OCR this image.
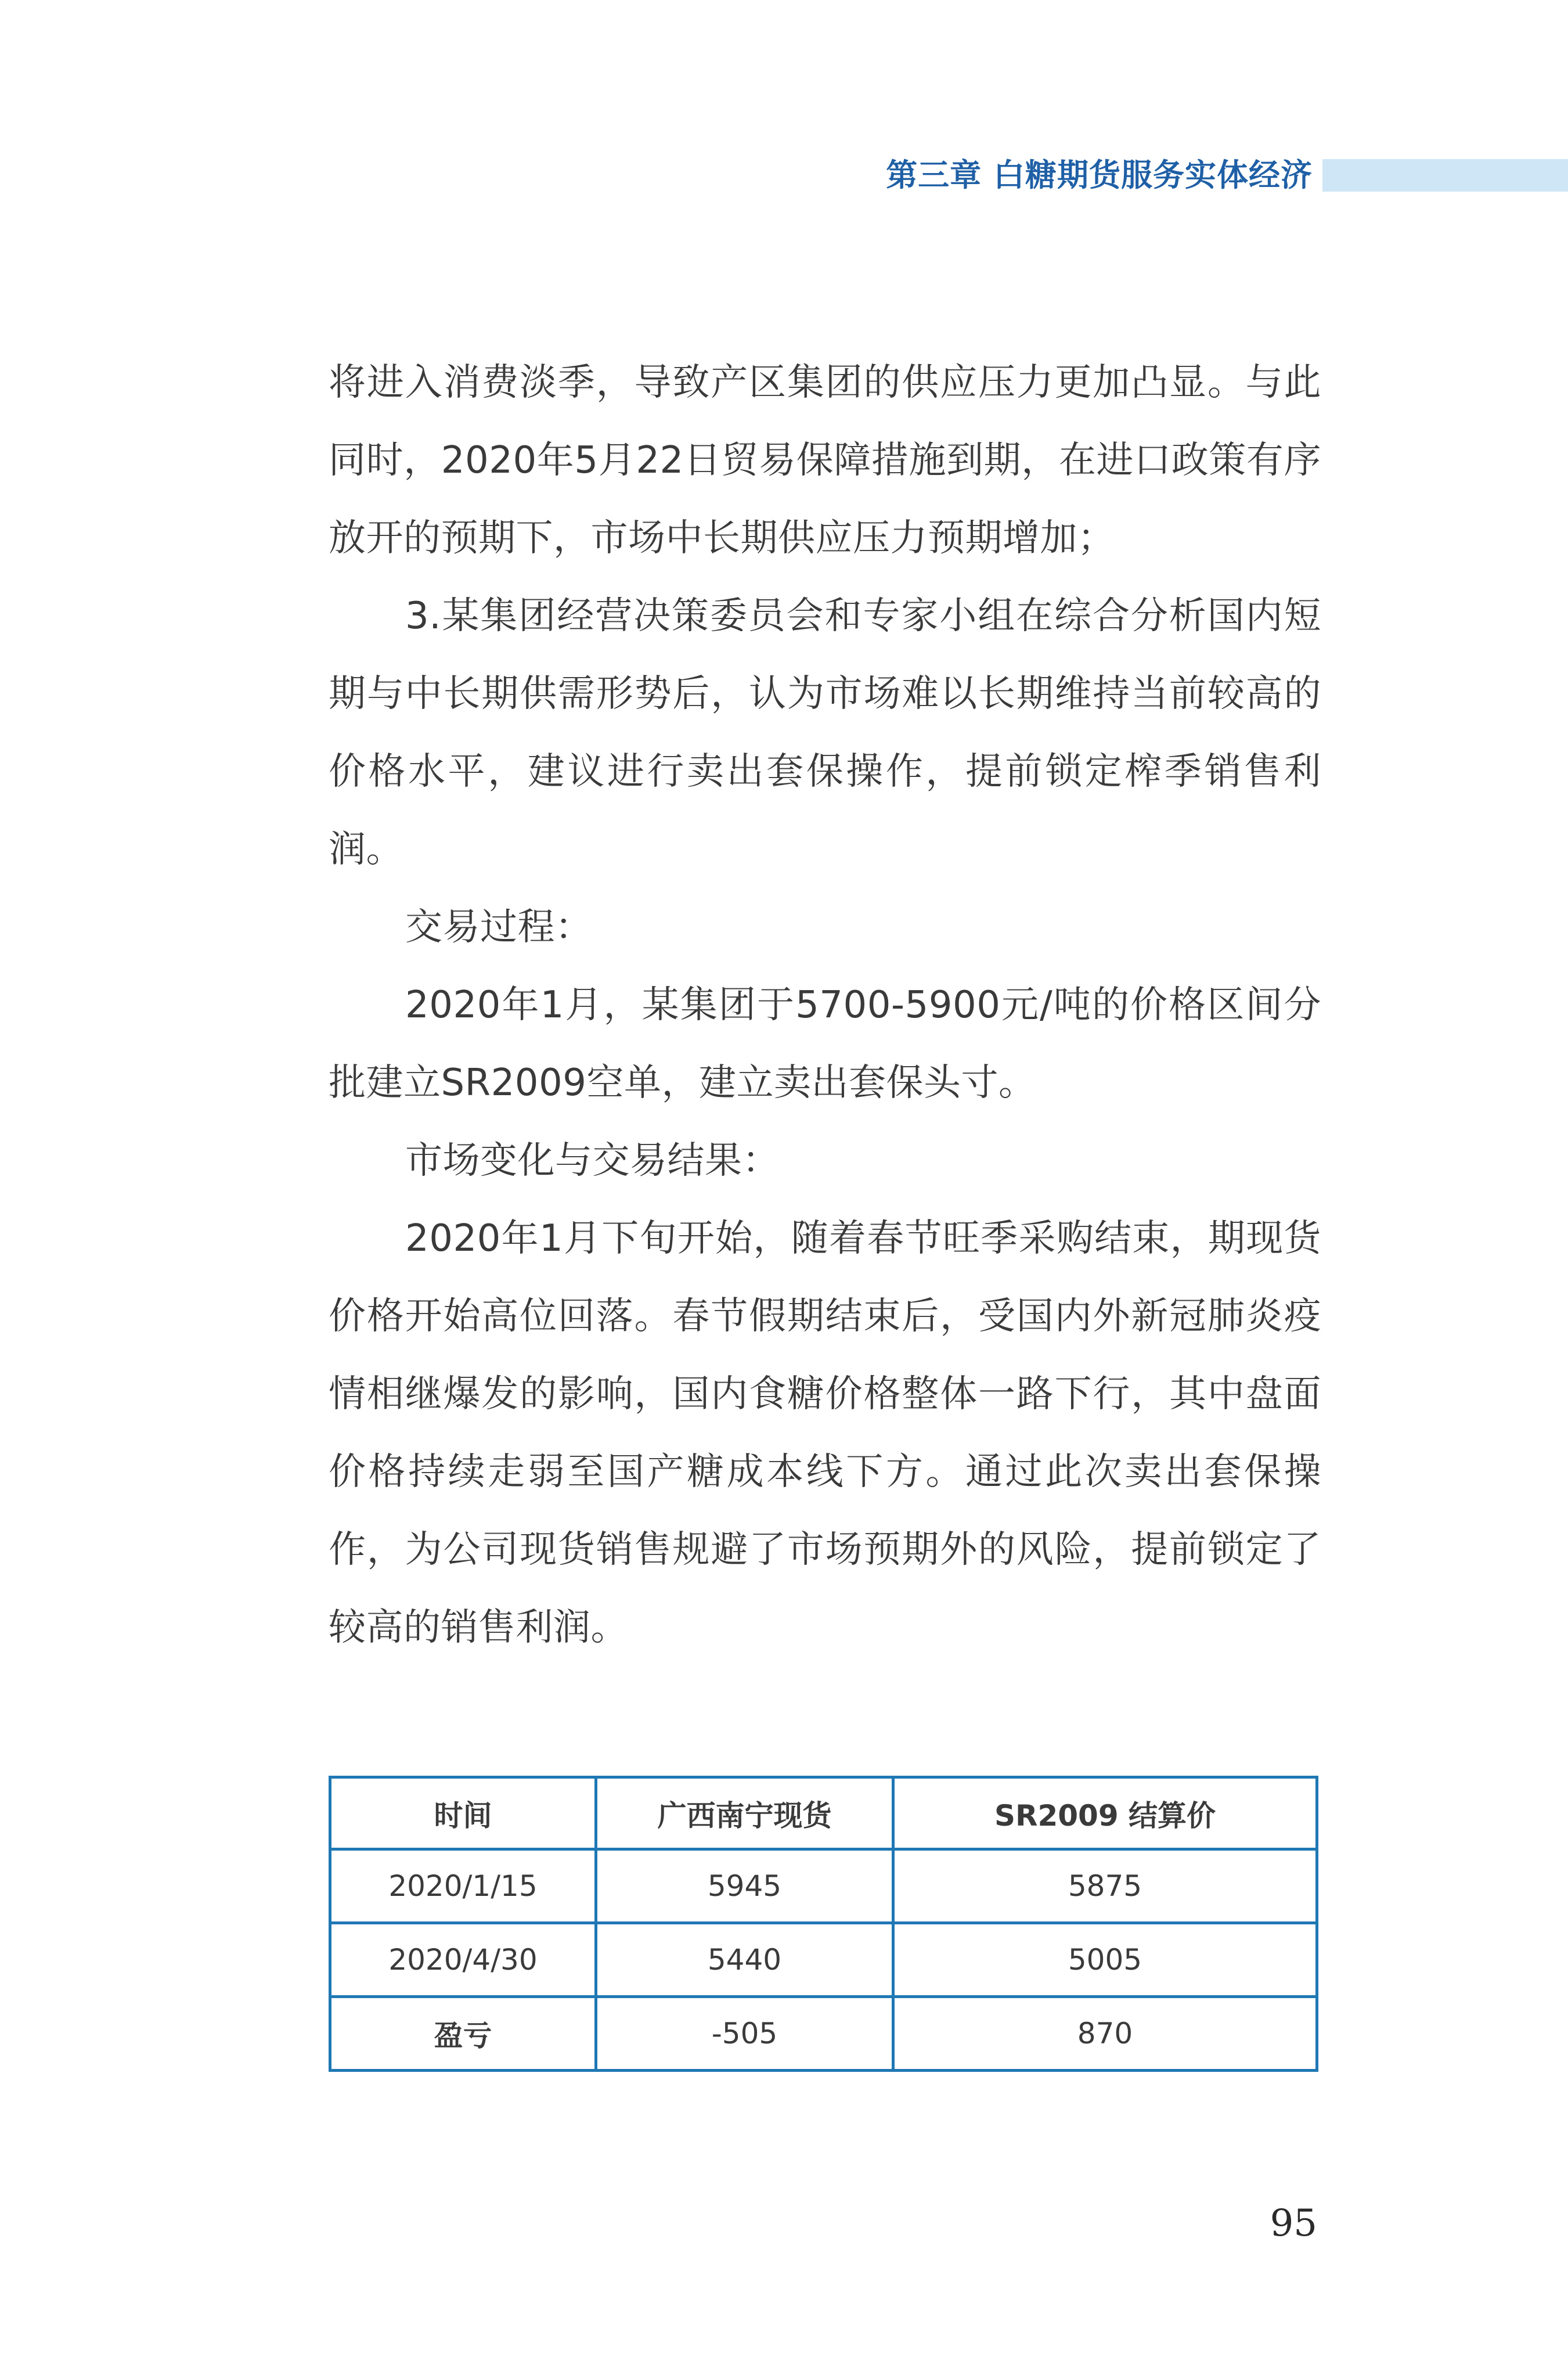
第三章 白糖期货服务实体经济

将进入消费淡季，导致产区集团的供应压力更加凸显。与此同时，2020年5月22日贸易保障措施到期，在进口政策有序放开的预期下，市场中长期供应压力预期增加；

3.某集团经营决策委员会和专家小组在综合分析国内短期与中长期供需形势后，认为市场难以长期维持当前较高的价格水平，建议进行卖出套保操作，提前锁定榨季销售利润。

交易过程：

2020年1月，某集团于5700-5900元/吨的价格区间分批建立SR2009空单，建立卖出套保头寸。

市场变化与交易结果：

2020年1月下旬开始，随着春节旺季采购结束，期现货价格开始高位回落。春节假期结束后，受国内外新冠肺炎疫情相继爆发的影响，国内食糖价格整体一路下行，其中盘面价格持续走弱至国产糖成本线下方。通过此次卖出套保操作，为公司现货销售规避了市场预期外的风险，提前锁定了较高的销售利润。

时间	广西南宁现货	SR2009 结算价
2020/1/15	5945	5875
2020/4/30	5440	5005
盈亏	-505	870
95
